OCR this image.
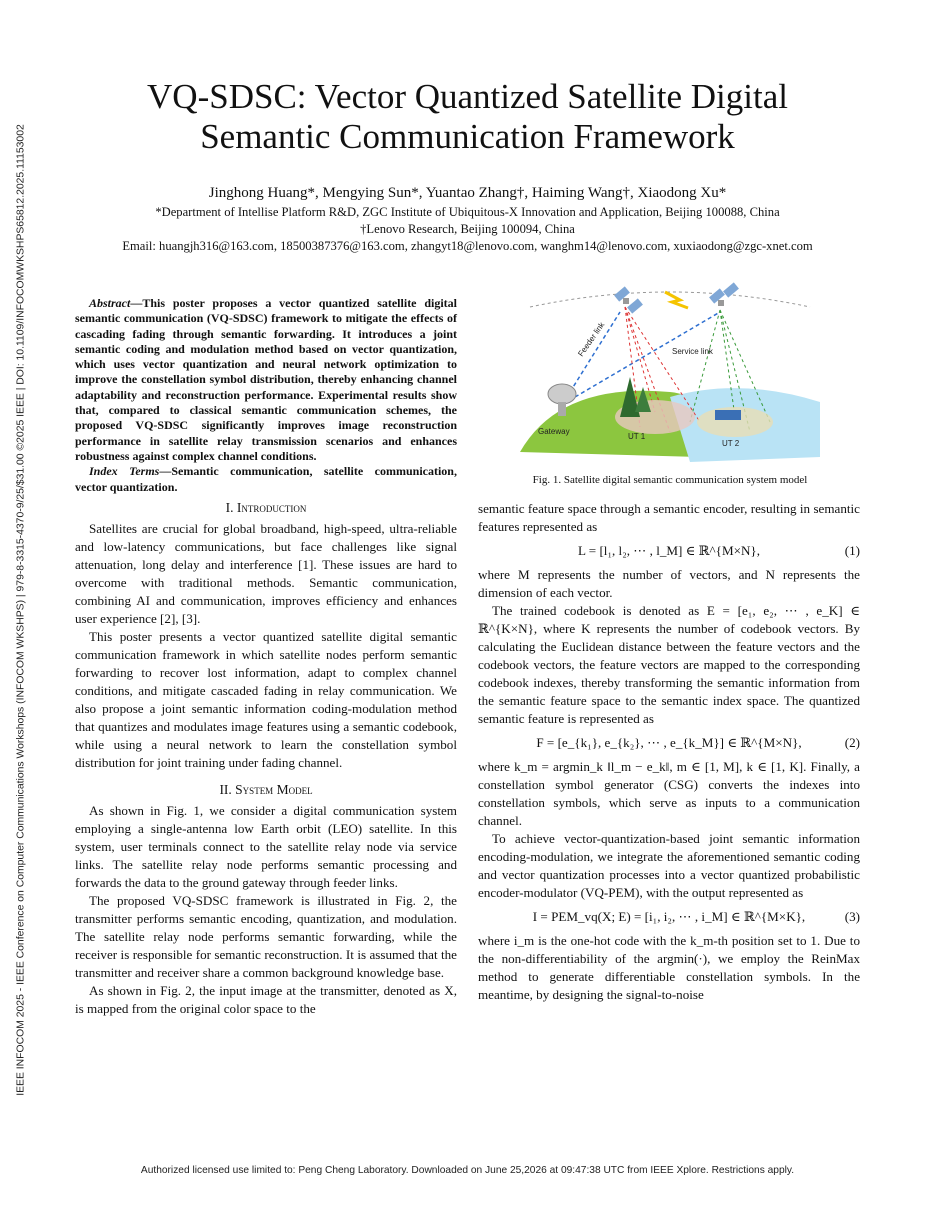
IEEE INFOCOM 2025 - IEEE Conference on Computer Communications Workshops (INFOCOM WKSHPS) | 979-8-3315-4370-9/25/$31.00 ©2025 IEEE | DOI: 10.1109/INFOCOMWKSHPS65812.2025.11153002
VQ-SDSC: Vector Quantized Satellite Digital
Semantic Communication Framework
Jinghong Huang*, Mengying Sun*, Yuantao Zhang†, Haiming Wang†, Xiaodong Xu*
*Department of Intellise Platform R&D, ZGC Institute of Ubiquitous-X Innovation and Application, Beijing 100088, China
†Lenovo Research, Beijing 100094, China
Email: huangjh316@163.com, 18500387376@163.com, zhangyt18@lenovo.com, wanghm14@lenovo.com, xuxiaodong@zgc-xnet.com

Abstract—This poster proposes a vector quantized satellite digital semantic communication (VQ-SDSC) framework to mitigate the effects of cascading fading through semantic forwarding. It introduces a joint semantic coding and modulation method based on vector quantization, which uses vector quantization and neural network optimization to improve the constellation symbol distribution, thereby enhancing channel adaptability and reconstruction performance. Experimental results show that, compared to classical semantic communication schemes, the proposed VQ-SDSC significantly improves image reconstruction performance in satellite relay transmission scenarios and enhances robustness against complex channel conditions.

Index Terms—Semantic communication, satellite communication, vector quantization.

I. Introduction

Satellites are crucial for global broadband, high-speed, ultra-reliable and low-latency communications, but face challenges like signal attenuation, long delay and interference [1]. These issues are hard to overcome with traditional methods. Semantic communication, combining AI and communication, improves efficiency and enhances user experience [2], [3].

This poster presents a vector quantized satellite digital semantic communication framework in which satellite nodes perform semantic forwarding to recover lost information, adapt to complex channel conditions, and mitigate cascaded fading in relay communication. We also propose a joint semantic information coding-modulation method that quantizes and modulates image features using a semantic codebook, while using a neural network to learn the constellation symbol distribution for joint training under fading channel.

II. System Model

As shown in Fig. 1, we consider a digital communication system employing a single-antenna low Earth orbit (LEO) satellite. In this system, user terminals connect to the satellite relay node via service links. The satellite relay node performs semantic processing and forwards the data to the ground gateway through feeder links.

The proposed VQ-SDSC framework is illustrated in Fig. 2, the transmitter performs semantic encoding, quantization, and modulation. The satellite relay node performs semantic forwarding, while the receiver is responsible for semantic reconstruction. It is assumed that the transmitter and receiver share a common background knowledge base.

As shown in Fig. 2, the input image at the transmitter, denoted as X, is mapped from the original color space to the

Feeder link	Service link
Gateway
UT 1
UT 2
Fig. 1. Satellite digital semantic communication system model

semantic feature space through a semantic encoder, resulting in semantic features represented as

L = [l₁, l₂, ⋯ , l_M] ∈ ℝ^{M×N},	(1)

where M represents the number of vectors, and N represents the dimension of each vector.

The trained codebook is denoted as E = [e₁, e₂, ⋯ , e_K] ∈ ℝ^{K×N}, where K represents the number of codebook vectors. By calculating the Euclidean distance between the feature vectors and the codebook vectors, the feature vectors are mapped to the corresponding codebook indexes, thereby transforming the semantic information from the semantic feature space to the semantic index space. The quantized semantic feature is represented as

F = [e_{k₁}, e_{k₂}, ⋯ , e_{k_M}] ∈ ℝ^{M×N},	(2)

where k_m = argmin_k ‖l_m − e_k‖, m ∈ [1, M], k ∈ [1, K]. Finally, a constellation symbol generator (CSG) converts the indexes into constellation symbols, which serve as inputs to a communication channel.

To achieve vector-quantization-based joint semantic information encoding-modulation, we integrate the aforementioned semantic coding and vector quantization processes into a vector quantized probabilistic encoder-modulator (VQ-PEM), with the output represented as

I = PEM_vq(X; E) = [i₁, i₂, ⋯ , i_M] ∈ ℝ^{M×K},	(3)

where i_m is the one-hot code with the k_m-th position set to 1. Due to the non-differentiability of the argmin(·), we employ the ReinMax method to generate differentiable constellation symbols. In the meantime, by designing the signal-to-noise

Authorized licensed use limited to: Peng Cheng Laboratory. Downloaded on June 25,2026 at 09:47:38 UTC from IEEE Xplore. Restrictions apply.
